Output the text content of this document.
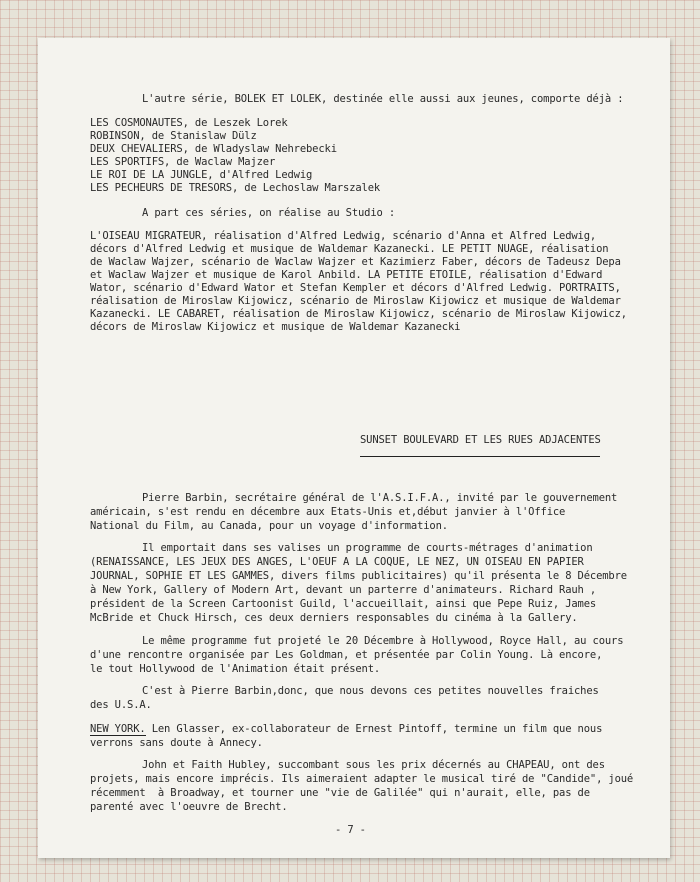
L'autre série, BOLEK ET LOLEK, destinée elle aussi aux jeunes, comporte déjà :
LES COSMONAUTES, de Leszek Lorek
ROBINSON, de Stanislaw Dülz
DEUX CHEVALIERS, de Wladyslaw Nehrebecki
LES SPORTIFS, de Waclaw Majzer
LE ROI DE LA JUNGLE, d'Alfred Ledwig
LES PECHEURS DE TRESORS, de Lechoslaw Marszalek
A part ces séries, on réalise au Studio :
L'OISEAU MIGRATEUR, réalisation d'Alfred Ledwig, scénario d'Anna et Alfred Ledwig,
décors d'Alfred Ledwig et musique de Waldemar Kazanecki. LE PETIT NUAGE, réalisation
de Waclaw Wajzer, scénario de Waclaw Wajzer et Kazimierz Faber, décors de Tadeusz Depa
et Waclaw Wajzer et musique de Karol Anbild. LA PETITE ETOILE, réalisation d'Edward
Wator, scénario d'Edward Wator et Stefan Kempler et décors d'Alfred Ledwig. PORTRAITS,
réalisation de Miroslaw Kijowicz, scénario de Miroslaw Kijowicz et musique de Waldemar
Kazanecki. LE CABARET, réalisation de Miroslaw Kijowicz, scénario de Miroslaw Kijowicz,
décors de Miroslaw Kijowicz et musique de Waldemar Kazanecki
SUNSET BOULEVARD ET LES RUES ADJACENTES
Pierre Barbin, secrétaire général de l'A.S.I.F.A., invité par le gouvernement
américain, s'est rendu en décembre aux Etats-Unis et,début janvier à l'Office
National du Film, au Canada, pour un voyage d'information.
Il emportait dans ses valises un programme de courts-métrages d'animation
(RENAISSANCE, LES JEUX DES ANGES, L'OEUF A LA COQUE, LE NEZ, UN OISEAU EN PAPIER
JOURNAL, SOPHIE ET LES GAMMES, divers films publicitaires) qu'il présenta le 8 Décembre
à New York, Gallery of Modern Art, devant un parterre d'animateurs. Richard Rauh ,
président de la Screen Cartoonist Guild, l'accueillait, ainsi que Pepe Ruiz, James
McBride et Chuck Hirsch, ces deux derniers responsables du cinéma à la Gallery.
Le même programme fut projeté le 20 Décembre à Hollywood, Royce Hall, au cours
d'une rencontre organisée par Les Goldman, et présentée par Colin Young. Là encore,
le tout Hollywood de l'Animation était présent.
C'est à Pierre Barbin,donc, que nous devons ces petites nouvelles fraiches
des U.S.A.
NEW YORK. Len Glasser, ex-collaborateur de Ernest Pintoff, termine un film que nous
verrons sans doute à Annecy.
John et Faith Hubley, succombant sous les prix décernés au CHAPEAU, ont des
projets, mais encore imprécis. Ils aimeraient adapter le musical tiré de "Candide", joué
récemment  à Broadway, et tourner une "vie de Galilée" qui n'aurait, elle, pas de
parenté avec l'oeuvre de Brecht.
- 7 -
